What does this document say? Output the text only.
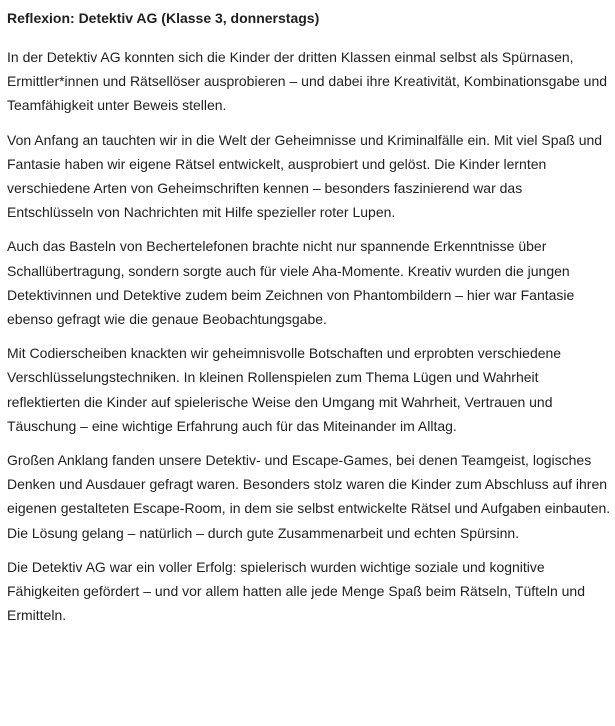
Reflexion: Detektiv AG (Klasse 3, donnerstags)

In der Detektiv AG konnten sich die Kinder der dritten Klassen einmal selbst als Spürnasen, Ermittler*innen und Rätsellöser ausprobieren – und dabei ihre Kreativität, Kombinationsgabe und Teamfähigkeit unter Beweis stellen.

Von Anfang an tauchten wir in die Welt der Geheimnisse und Kriminalfälle ein. Mit viel Spaß und Fantasie haben wir eigene Rätsel entwickelt, ausprobiert und gelöst. Die Kinder lernten verschiedene Arten von Geheimschriften kennen – besonders faszinierend war das Entschlüsseln von Nachrichten mit Hilfe spezieller roter Lupen.

Auch das Basteln von Bechertelefonen brachte nicht nur spannende Erkenntnisse über Schallübertragung, sondern sorgte auch für viele Aha-Momente. Kreativ wurden die jungen Detektivinnen und Detektive zudem beim Zeichnen von Phantombildern – hier war Fantasie ebenso gefragt wie die genaue Beobachtungsgabe.

Mit Codierscheiben knackten wir geheimnisvolle Botschaften und erprobten verschiedene Verschlüsselungstechniken. In kleinen Rollenspielen zum Thema Lügen und Wahrheit reflektierten die Kinder auf spielerische Weise den Umgang mit Wahrheit, Vertrauen und Täuschung – eine wichtige Erfahrung auch für das Miteinander im Alltag.

Großen Anklang fanden unsere Detektiv- und Escape-Games, bei denen Teamgeist, logisches Denken und Ausdauer gefragt waren. Besonders stolz waren die Kinder zum Abschluss auf ihren eigenen gestalteten Escape-Room, in dem sie selbst entwickelte Rätsel und Aufgaben einbauten. Die Lösung gelang – natürlich – durch gute Zusammenarbeit und echten Spürsinn.

Die Detektiv AG war ein voller Erfolg: spielerisch wurden wichtige soziale und kognitive Fähigkeiten gefördert – und vor allem hatten alle jede Menge Spaß beim Rätseln, Tüfteln und Ermitteln.
